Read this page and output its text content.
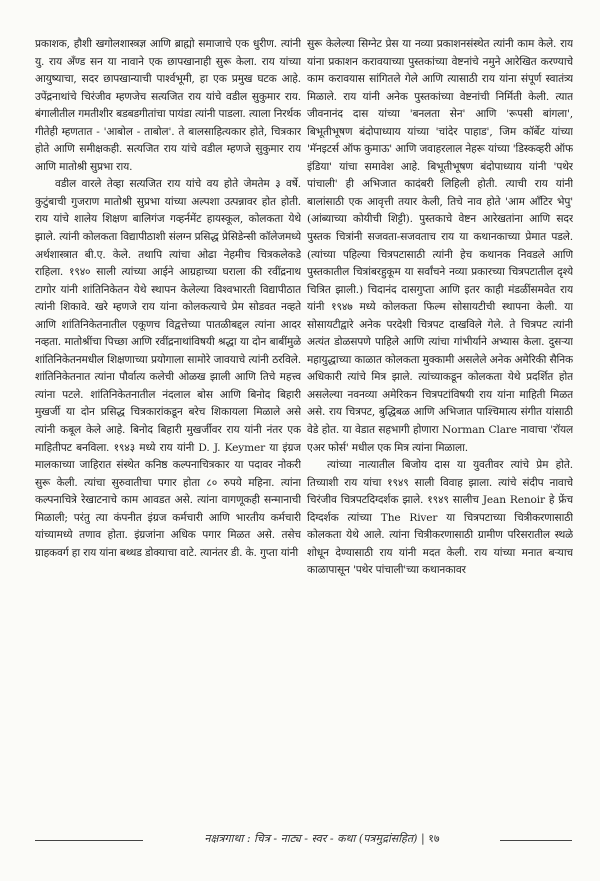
प्रकाशक, हौशी खगोलशास्त्रज्ञ आणि ब्राह्मो समाजाचे एक धुरीण. त्यांनी यु. राय अँण्ड सन या नावाने एक छापखानाही सुरू केला. राय यांच्या आयुष्याचा, सदर छापखान्याची पार्श्वभूमी, हा एक प्रमुख घटक आहे. उपेंद्रनाथांचे चिरंजीव म्हणजेच सत्यजित राय यांचे वडील सुकुमार राय. बंगालीतील गमतीशीर बडबडगीतांचा पायंडा त्यांनी पाडला. त्याला निरर्थक गीतेही म्हणतात - 'आबोल - ताबोल'. ते बालसाहित्यकार होते, चित्रकार होते आणि समीक्षकही. सत्यजित राय यांचे वडील म्हणजे सुकुमार राय आणि मातोश्री सुप्रभा राय.

वडील वारले तेव्हा सत्यजित राय यांचे वय होते जेमतेम ३ वर्षे. कुटुंबाची गुजराण मातोश्री सुप्रभा यांच्या अल्पशा उत्पन्नावर होत होती. राय यांचे शालेय शिक्षण बालिगंज गव्हर्नमेंट हायस्कूल, कोलकता येथे झाले. त्यांनी कोलकता विद्यापीठाशी संलग्न प्रसिद्ध प्रेसिडेन्सी कॉलेजमध्ये अर्थशास्त्रात बी.ए. केले. तथापि त्यांचा ओढा नेहमीच चित्रकलेकडे राहिला. १९४० साली त्यांच्या आईने आग्रहाच्या घराला की रवींद्रनाथ टागोर यांनी शांतिनिकेतन येथे स्थापन केलेल्या विश्वभारती विद्यापीठात त्यांनी शिकावे. खरे म्हणजे राय यांना कोलकत्याचे प्रेम सोडवत नव्हते आणि शांतिनिकेतनातील एकूणच विद्वत्तेच्या पातळीबद्दल त्यांना आदर नव्हता. मातोश्रींचा पिच्छा आणि रवींद्रनाथांविषयी श्रद्धा या दोन बाबींमुळे शांतिनिकेतनमधील शिक्षणाच्या प्रयोगाला सामोरे जावयाचे त्यांनी ठरविले. शांतिनिकेतनात त्यांना पौर्वात्य कलेची ओळख झाली आणि तिचे महत्त्व त्यांना पटले. शांतिनिकेतनातील नंदलाल बोस आणि बिनोद बिहारी मुखर्जी या दोन प्रसिद्ध चित्रकारांकडून बरेच शिकायला मिळाले असे त्यांनी कबूल केले आहे. बिनोद बिहारी मुखर्जीवर राय यांनी नंतर एक माहितीपट बनविला. १९४३ मध्ये राय यांनी D. J. Keymer या इंग्रज मालकाच्या जाहिरात संस्थेत कनिष्ठ कल्पनाचित्रकार या पदावर नोकरी सुरू केली. त्यांचा सुरुवातीचा पगार होता ८० रुपये महिना. त्यांना कल्पनाचित्रे रेखाटनाचे काम आवडत असे. त्यांना वागणूकही सन्मानाची मिळाली; परंतु त्या कंपनीत इंग्रज कर्मचारी आणि भारतीय कर्मचारी यांच्यामध्ये तणाव होता. इंग्रजांना अधिक पगार मिळत असे. तसेच ग्राहकवर्ग हा राय यांना बथ्थड डोक्याचा वाटे. त्यानंतर डी. के. गुप्ता यांनी

सुरू केलेल्या सिग्नेट प्रेस या नव्या प्रकाशनसंस्थेत त्यांनी काम केले. राय यांना प्रकाशन करावयाच्या पुस्तकांच्या वेष्टनांचे नमुने आरेखित करण्याचे काम करावयास सांगितले गेले आणि त्यासाठी राय यांना संपूर्ण स्वातंत्र्य मिळाले. राय यांनी अनेक पुस्तकांच्या वेष्टनांची निर्मिती केली. त्यात जीवनानंद दास यांच्या 'बनलता सेन' आणि 'रूपसी बांगला', बिभूतीभूषण बंदोपाध्याय यांच्या 'चांदेर पाहाड', जिम कॉर्बेट यांच्या 'मॅनइटर्स ऑफ कुमाऊ' आणि जवाहरलाल नेहरू यांच्या 'डिस्कव्हरी ऑफ इंडिया' यांचा समावेश आहे. बिभूतीभूषण बंदोपाध्याय यांनी 'पथेर पांचाली' ही अभिजात कादंबरी लिहिली होती. त्याची राय यांनी बालांसाठी एक आवृत्ती तयार केली, तिचे नाव होते 'आम आँटिर भेपु' (आंब्याच्या कोयीची शिट्टी). पुस्तकाचे वेष्टन आरेखतांना आणि सदर पुस्तक चित्रांनी सजवता-सजवताच राय या कथानकाच्या प्रेमात पडले. (त्यांच्या पहिल्या चित्रपटासाठी त्यांनी हेच कथानक निवडले आणि पुस्तकातील चित्रांबरहुकूम या सर्वांचने नव्या प्रकारच्या चित्रपटातील दृश्ये चित्रित झाली.) चिदानंद दासगुप्ता आणि इतर काही मंडळींसमवेत राय यांनी १९४७ मध्ये कोलकता फिल्म सोसायटीची स्थापना केली. या सोसायटीद्वारे अनेक परदेशी चित्रपट दाखविले गेले. ते चित्रपट त्यांनी अत्यंत डोळसपणे पाहिले आणि त्यांचा गांभीर्याने अभ्यास केला. दुसऱ्या महायुद्धाच्या काळात कोलकता मुक्कामी असलेले अनेक अमेरिकी सैनिक अधिकारी त्यांचे मित्र झाले. त्यांच्याकडून कोलकता येथे प्रदर्शित होत असलेल्या नवनव्या अमेरिकन चित्रपटांविषयी राय यांना माहिती मिळत असे. राय चित्रपट, बुद्धिबळ आणि अभिजात पाश्चिमात्य संगीत यांसाठी वेडे होत. या वेडात सहभागी होणारा Norman Clare नावाचा 'रॉयल एअर फोर्स' मधील एक मित्र त्यांना मिळाला.

त्यांच्या नात्यातील बिजोय दास या युवतीवर त्यांचे प्रेम होते. तिच्याशी राय यांचा १९४९ साली विवाह झाला. त्यांचे संदीप नावाचे चिरंजीव चित्रपटदिग्दर्शक झाले. १९४९ सालीच Jean Renoir हे फ्रेंच दिग्दर्शक त्यांच्या The River या चित्रपटाच्या चित्रीकरणासाठी कोलकता येथे आले. त्यांना चित्रीकरणासाठी ग्रामीण परिसरातील स्थळे शोधून देण्यासाठी राय यांनी मदत केली. राय यांच्या मनात बऱ्याच काळापासून 'पथेर पांचाली'च्या कथानकावर

नक्षत्रगाथा : चित्र - नाट्य - स्वर - कथा (पत्रमुद्रांसहित) | १७
